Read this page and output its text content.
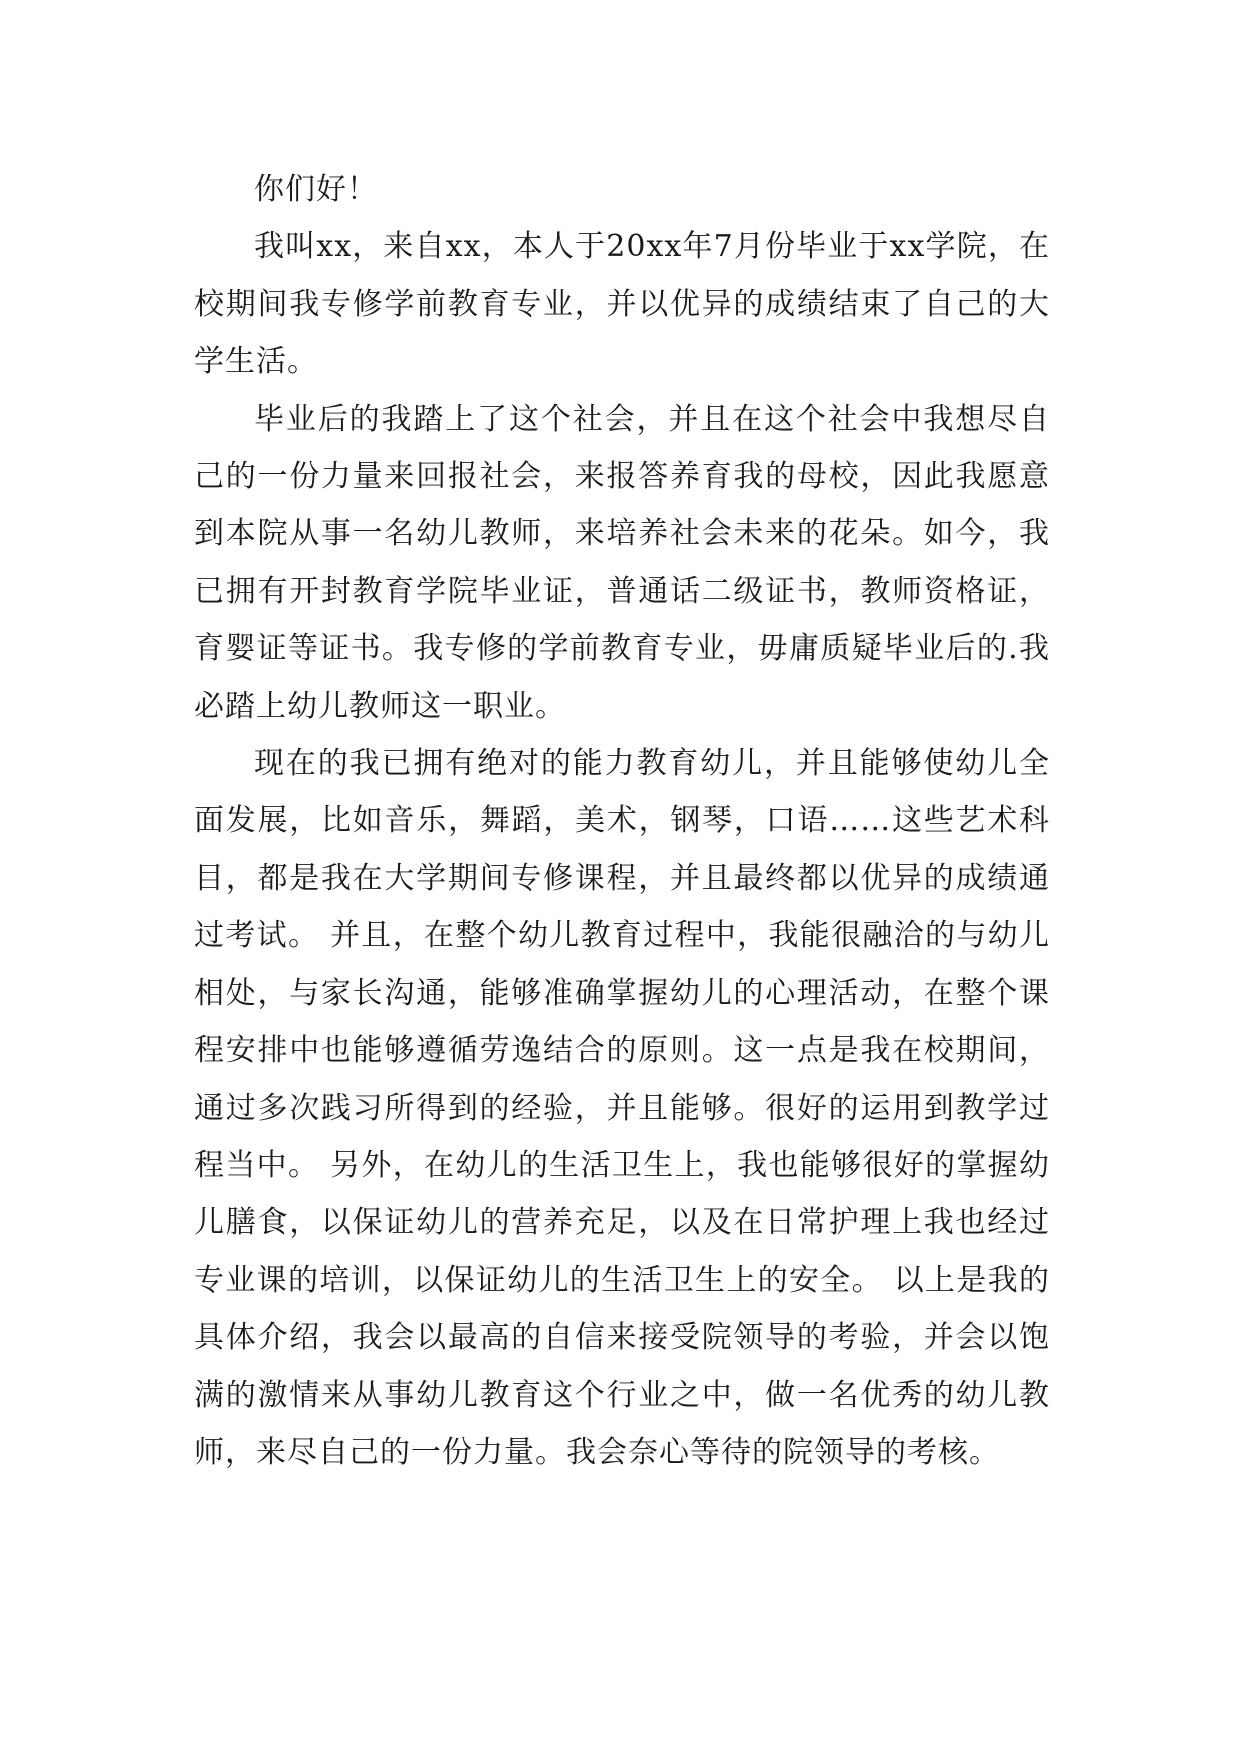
你们好！

我叫xx，来自xx，本人于20xx年7月份毕业于xx学院，在校期间我专修学前教育专业，并以优异的成绩结束了自己的大学生活。

毕业后的我踏上了这个社会，并且在这个社会中我想尽自己的一份力量来回报社会，来报答养育我的母校，因此我愿意到本院从事一名幼儿教师，来培养社会未来的花朵。如今，我已拥有开封教育学院毕业证，普通话二级证书，教师资格证，育婴证等证书。我专修的学前教育专业，毋庸质疑毕业后的.我必踏上幼儿教师这一职业。

现在的我已拥有绝对的能力教育幼儿，并且能够使幼儿全面发展，比如音乐，舞蹈，美术，钢琴，口语……这些艺术科目，都是我在大学期间专修课程，并且最终都以优异的成绩通过考试。 并且，在整个幼儿教育过程中，我能很融洽的与幼儿相处，与家长沟通，能够准确掌握幼儿的心理活动，在整个课程安排中也能够遵循劳逸结合的原则。这一点是我在校期间，通过多次践习所得到的经验，并且能够。很好的运用到教学过程当中。 另外，在幼儿的生活卫生上，我也能够很好的掌握幼儿膳食，以保证幼儿的营养充足，以及在日常护理上我也经过专业课的培训，以保证幼儿的生活卫生上的安全。 以上是我的具体介绍，我会以最高的自信来接受院领导的考验，并会以饱满的激情来从事幼儿教育这个行业之中，做一名优秀的幼儿教师，来尽自己的一份力量。我会奈心等待的院领导的考核。
